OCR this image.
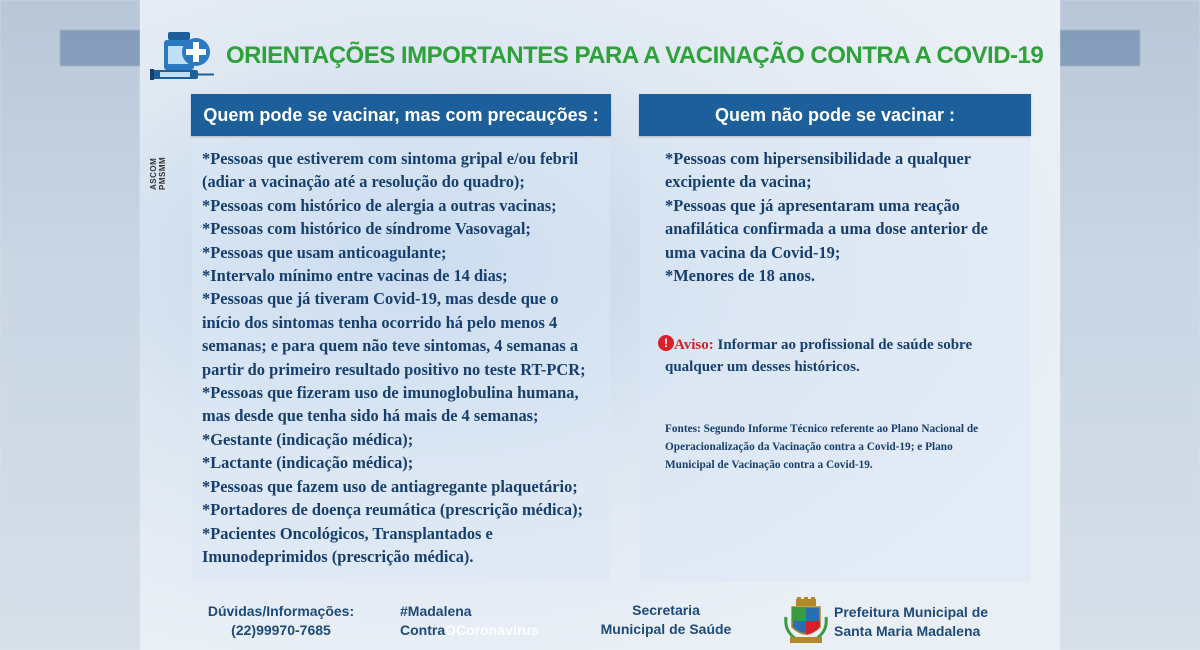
ASCOM PMSMM
ORIENTAÇÕES IMPORTANTES PARA A VACINAÇÃO CONTRA A COVID-19
Quem pode se vacinar, mas com precauções :
*Pessoas que estiverem com sintoma gripal e/ou febril
(adiar a vacinação até a resolução do quadro);
*Pessoas com histórico de alergia a outras vacinas;
*Pessoas com histórico de síndrome Vasovagal;
*Pessoas que usam anticoagulante;
*Intervalo mínimo entre vacinas de 14 dias;
*Pessoas que já tiveram Covid-19, mas desde que o
início dos sintomas tenha ocorrido há pelo menos 4
semanas; e para quem não teve sintomas, 4 semanas a
partir do primeiro resultado positivo no teste RT-PCR;
*Pessoas que fizeram uso de imunoglobulina humana,
mas desde que tenha sido há mais de 4 semanas;
*Gestante (indicação médica);
*Lactante (indicação médica);
*Pessoas que fazem uso de antiagregante plaquetário;
*Portadores de doença reumática (prescrição médica);
*Pacientes Oncológicos, Transplantados e
Imunodeprimidos (prescrição médica).
Quem não pode se vacinar :
*Pessoas com hipersensibilidade a qualquer
excipiente da vacina;
*Pessoas que já apresentaram uma reação
anafilática confirmada a uma dose anterior de
uma vacina da Covid-19;
*Menores de 18 anos.
! Aviso: Informar ao profissional de saúde sobre
qualquer um desses históricos.
Fontes: Segundo Informe Técnico referente ao Plano Nacional de
Operacionalização da Vacinação contra a Covid-19; e Plano
Municipal de Vacinação contra a Covid-19.
Dúvidas/Informações:
(22)99970-7685
#Madalena
ContraOCoronavírus
Secretaria
Municipal de Saúde
Prefeitura Municipal de
Santa Maria Madalena
